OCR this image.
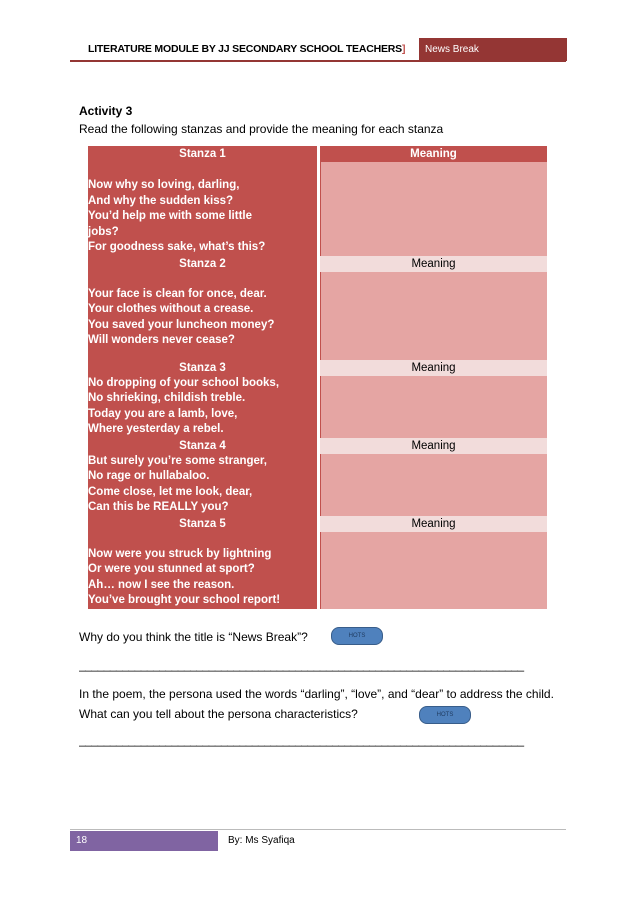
LITERATURE MODULE BY JJ SECONDARY SCHOOL TEACHERS]	News Break
Activity 3
Read the following stanzas and provide the meaning for each stanza
Stanza 1	Meaning

Now why so loving, darling,
And why the sudden kiss?
You’d help me with some little
jobs?
For goodness sake, what’s this?	

Stanza 2	Meaning

Your face is clean for once, dear.
Your clothes without a crease.
You saved your luncheon money?
Will wonders never cease?	

Stanza 3	Meaning

No dropping of your school books,
No shrieking, childish treble.
Today you are a lamb, love,
Where yesterday a rebel.	

Stanza 4	Meaning

But surely you’re some stranger,
No rage or hullabaloo.
Come close, let me look, dear,
Can this be REALLY you?	

Stanza 5	Meaning

Now were you struck by lightning
Or were you stunned at sport?
Ah… now I see the reason.
You’ve brought your school report!	

Why do you think the title is “News Break”?	HOTS
________________________________________________________________________
In the poem, the persona used the words “darling”, “love”, and “dear” to address the child. What can you tell about the persona characteristics?	HOTS
________________________________________________________________________
18	By: Ms Syafiqa
